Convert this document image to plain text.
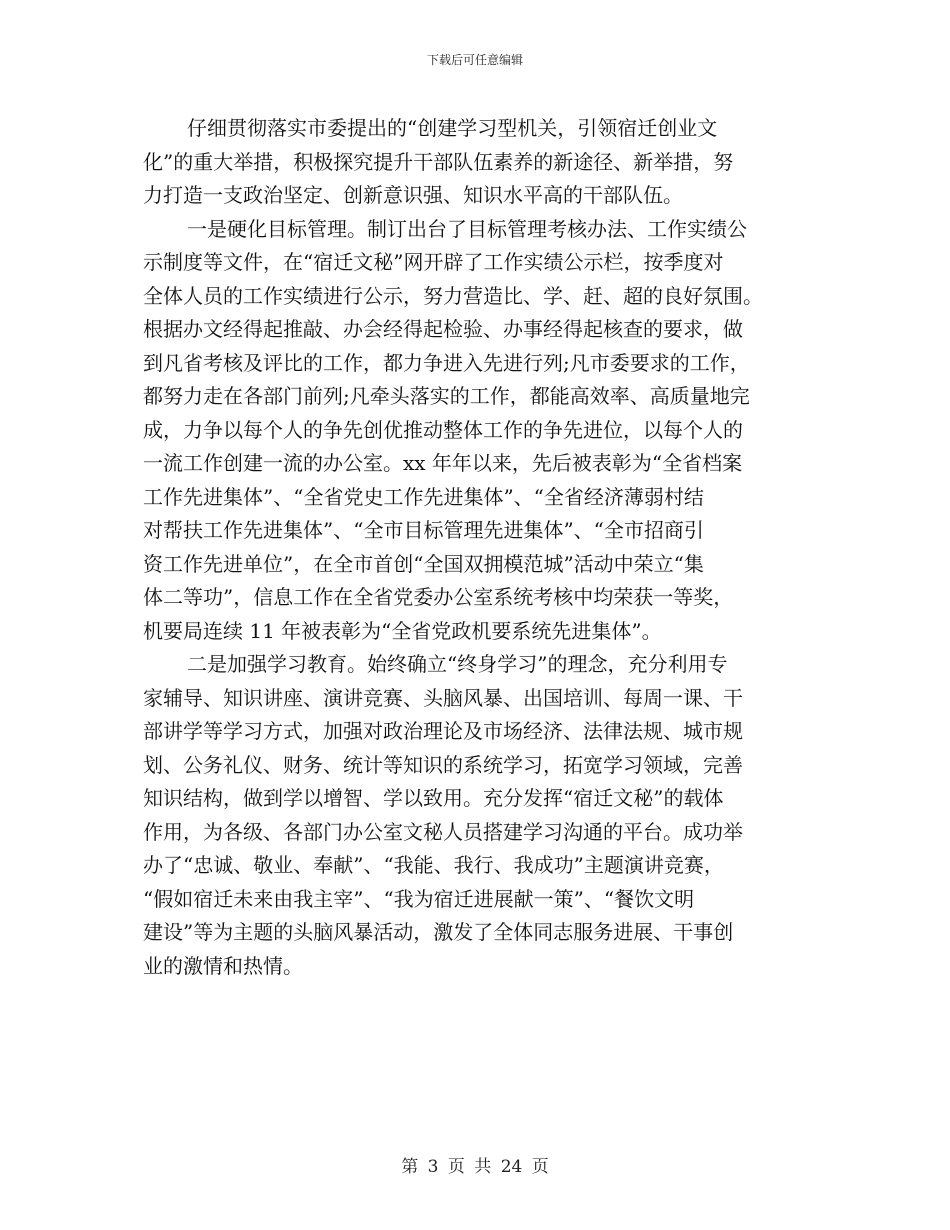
下载后可任意编辑
仔细贯彻落实市委提出的“创建学习型机关，引领宿迁创业文
化”的重大举措，积极探究提升干部队伍素养的新途径、新举措，努
力打造一支政治坚定、创新意识强、知识水平高的干部队伍。
一是硬化目标管理。制订出台了目标管理考核办法、工作实绩公
示制度等文件，在“宿迁文秘”网开辟了工作实绩公示栏，按季度对
全体人员的工作实绩进行公示，努力营造比、学、赶、超的良好氛围。
根据办文经得起推敲、办会经得起检验、办事经得起核查的要求，做
到凡省考核及评比的工作，都力争进入先进行列;凡市委要求的工作，
都努力走在各部门前列;凡牵头落实的工作，都能高效率、高质量地完
成，力争以每个人的争先创优推动整体工作的争先进位，以每个人的
一流工作创建一流的办公室。xx 年年以来，先后被表彰为“全省档案
工作先进集体”、“全省党史工作先进集体”、“全省经济薄弱村结
对帮扶工作先进集体”、“全市目标管理先进集体”、“全市招商引
资工作先进单位”，在全市首创“全国双拥模范城”活动中荣立“集
体二等功”，信息工作在全省党委办公室系统考核中均荣获一等奖，
机要局连续 11 年被表彰为“全省党政机要系统先进集体”。
二是加强学习教育。始终确立“终身学习”的理念，充分利用专
家辅导、知识讲座、演讲竞赛、头脑风暴、出国培训、每周一课、干
部讲学等学习方式，加强对政治理论及市场经济、法律法规、城市规
划、公务礼仪、财务、统计等知识的系统学习，拓宽学习领域，完善
知识结构，做到学以增智、学以致用。充分发挥“宿迁文秘”的载体
作用，为各级、各部门办公室文秘人员搭建学习沟通的平台。成功举
办了“忠诚、敬业、奉献”、“我能、我行、我成功”主题演讲竞赛，
“假如宿迁未来由我主宰”、“我为宿迁进展献一策”、“餐饮文明
建设”等为主题的头脑风暴活动，激发了全体同志服务进展、干事创
业的激情和热情。
第 3 页 共 24 页
